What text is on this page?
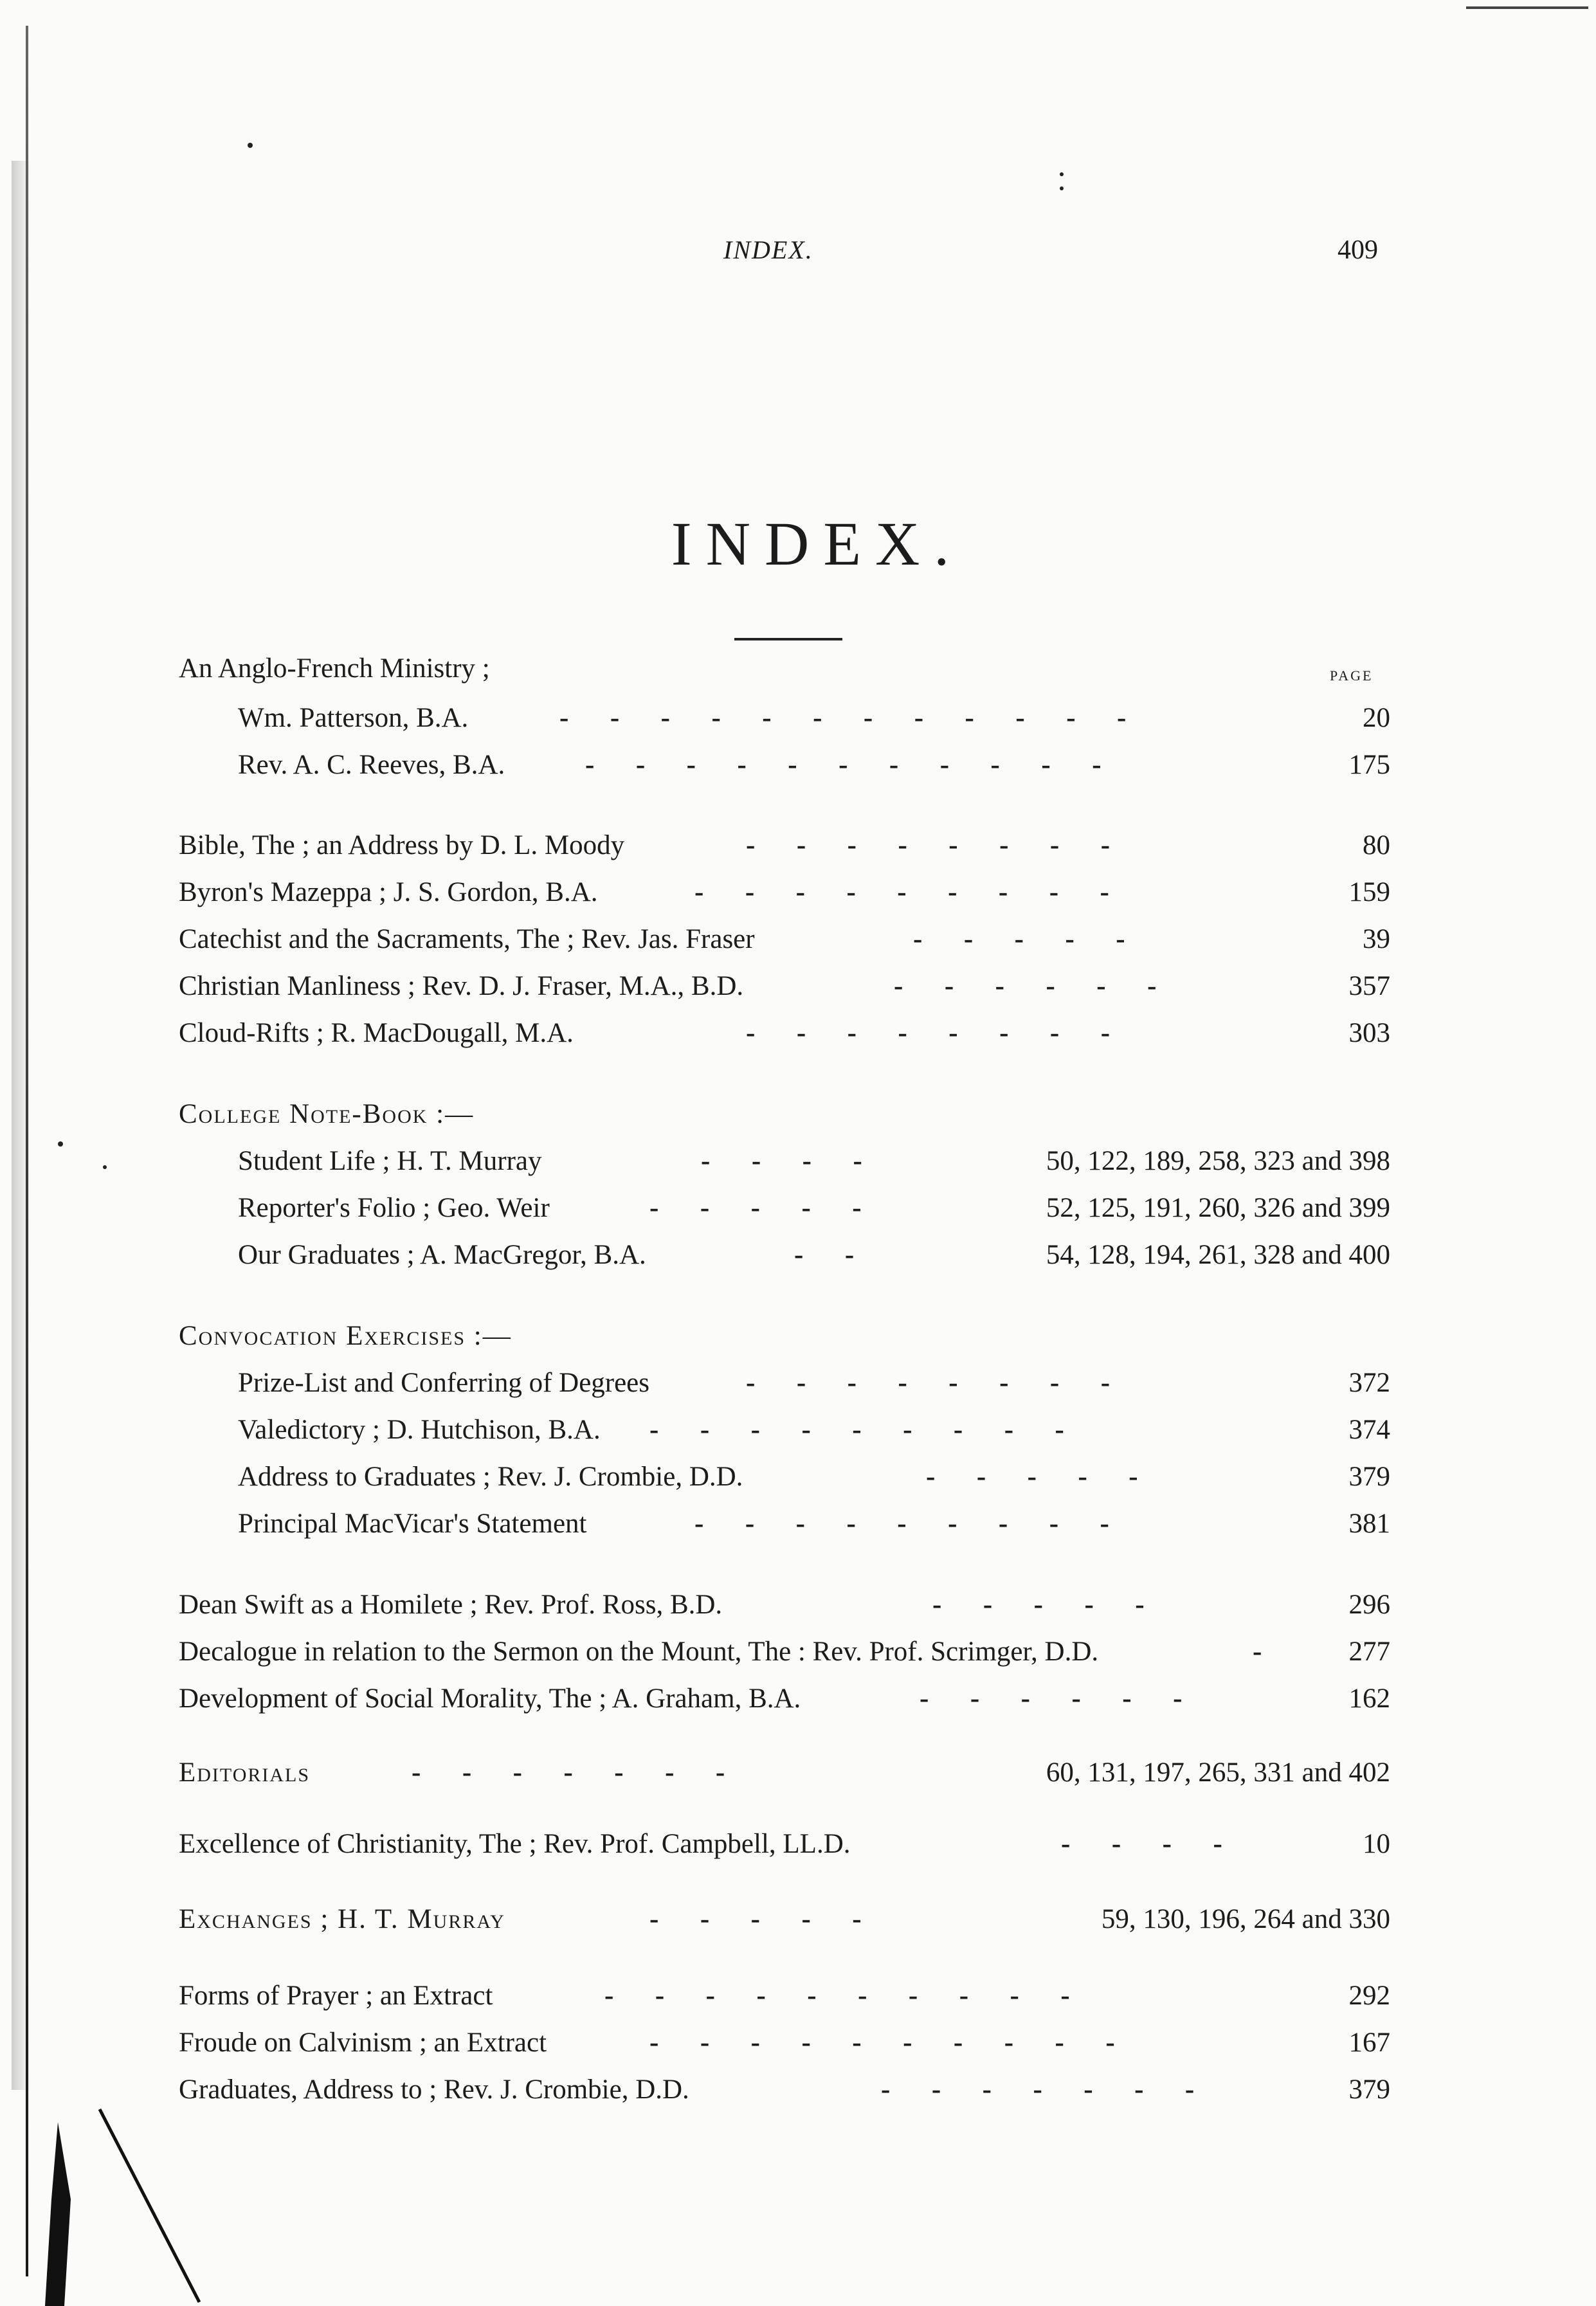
INDEX.	409
INDEX.
PAGE
An Anglo-French Ministry ;
Wm. Patterson, B.A.	-      -      -      -      -      -      -      -      -      -      -      -	20
Rev. A. C. Reeves, B.A.	-      -      -      -      -      -      -      -      -      -      -	175
Bible, The ; an Address by D. L. Moody	-      -      -      -      -      -      -      -	80
Byron's Mazeppa ; J. S. Gordon, B.A.	-      -      -      -      -      -      -      -      -	159
Catechist and the Sacraments, The ; Rev. Jas. Fraser	-      -      -      -      -	39
Christian Manliness ; Rev. D. J. Fraser, M.A., B.D.	-      -      -      -      -      -	357
Cloud-Rifts ; R. MacDougall, M.A.	-      -      -      -      -      -      -      -	303
College Note-Book :—
Student Life ; H. T. Murray	-      -      -      -	50, 122, 189, 258, 323 and 398
Reporter's Folio ; Geo. Weir	-      -      -      -      -	52, 125, 191, 260, 326 and 399
Our Graduates ; A. MacGregor, B.A.	-      -	54, 128, 194, 261, 328 and 400
Convocation Exercises :—
Prize-List and Conferring of Degrees	-      -      -      -      -      -      -      -	372
Valedictory ; D. Hutchison, B.A. -      -      -      -      -      -      -      -      -	374
Address to Graduates ; Rev. J. Crombie, D.D.	-      -      -      -      -	379
Principal MacVicar's Statement	-      -      -      -      -      -      -      -      -	381
Dean Swift as a Homilete ; Rev. Prof. Ross, B.D.	-      -      -      -      -	296
Decalogue in relation to the Sermon on the Mount, The : Rev. Prof. Scrimger, D.D.	-	277
Development of Social Morality, The ; A. Graham, B.A.	-      -      -      -      -      -	162
Editorials	-      -      -      -      -      -      -	60, 131, 197, 265, 331 and 402
Excellence of Christianity, The ; Rev. Prof. Campbell, LL.D.	-      -      -      -	10
Exchanges ; H. T. Murray	-      -      -      -      -	59, 130, 196, 264 and 330
Forms of Prayer ; an Extract	-      -      -      -      -      -      -      -      -      -	292
Froude on Calvinism ; an Extract	-      -      -      -      -      -      -      -      -      -	167
Graduates, Address to ; Rev. J. Crombie, D.D.	-      -      -      -      -      -      -	379
